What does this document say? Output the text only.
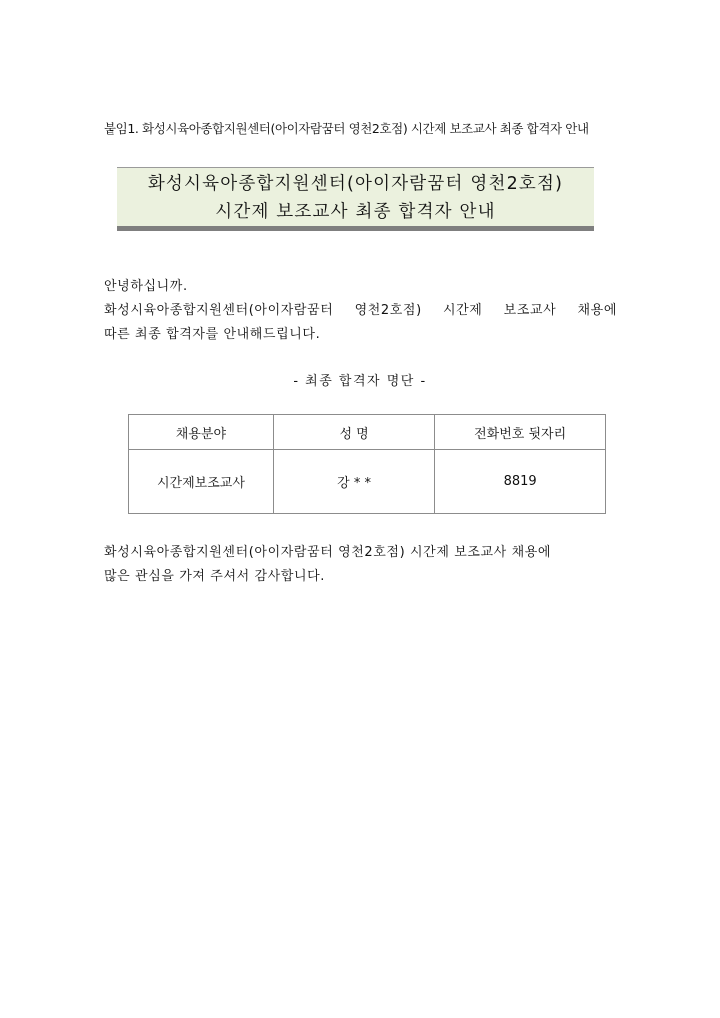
붙임1. 화성시육아종합지원센터(아이자람꿈터 영천2호점) 시간제 보조교사 최종 합격자 안내
화성시육아종합지원센터(아이자람꿈터 영천2호점)
시간제 보조교사 최종 합격자 안내
안녕하십니까.
화성시육아종합지원센터(아이자람꿈터 영천2호점) 시간제 보조교사 채용에
따른 최종 합격자를 안내해드립니다.
- 최종 합격자 명단 -
채용분야	성 명	전화번호 뒷자리
시간제보조교사	강 * *	8819
화성시육아종합지원센터(아이자람꿈터 영천2호점) 시간제 보조교사 채용에
많은 관심을 가져 주셔서 감사합니다.
